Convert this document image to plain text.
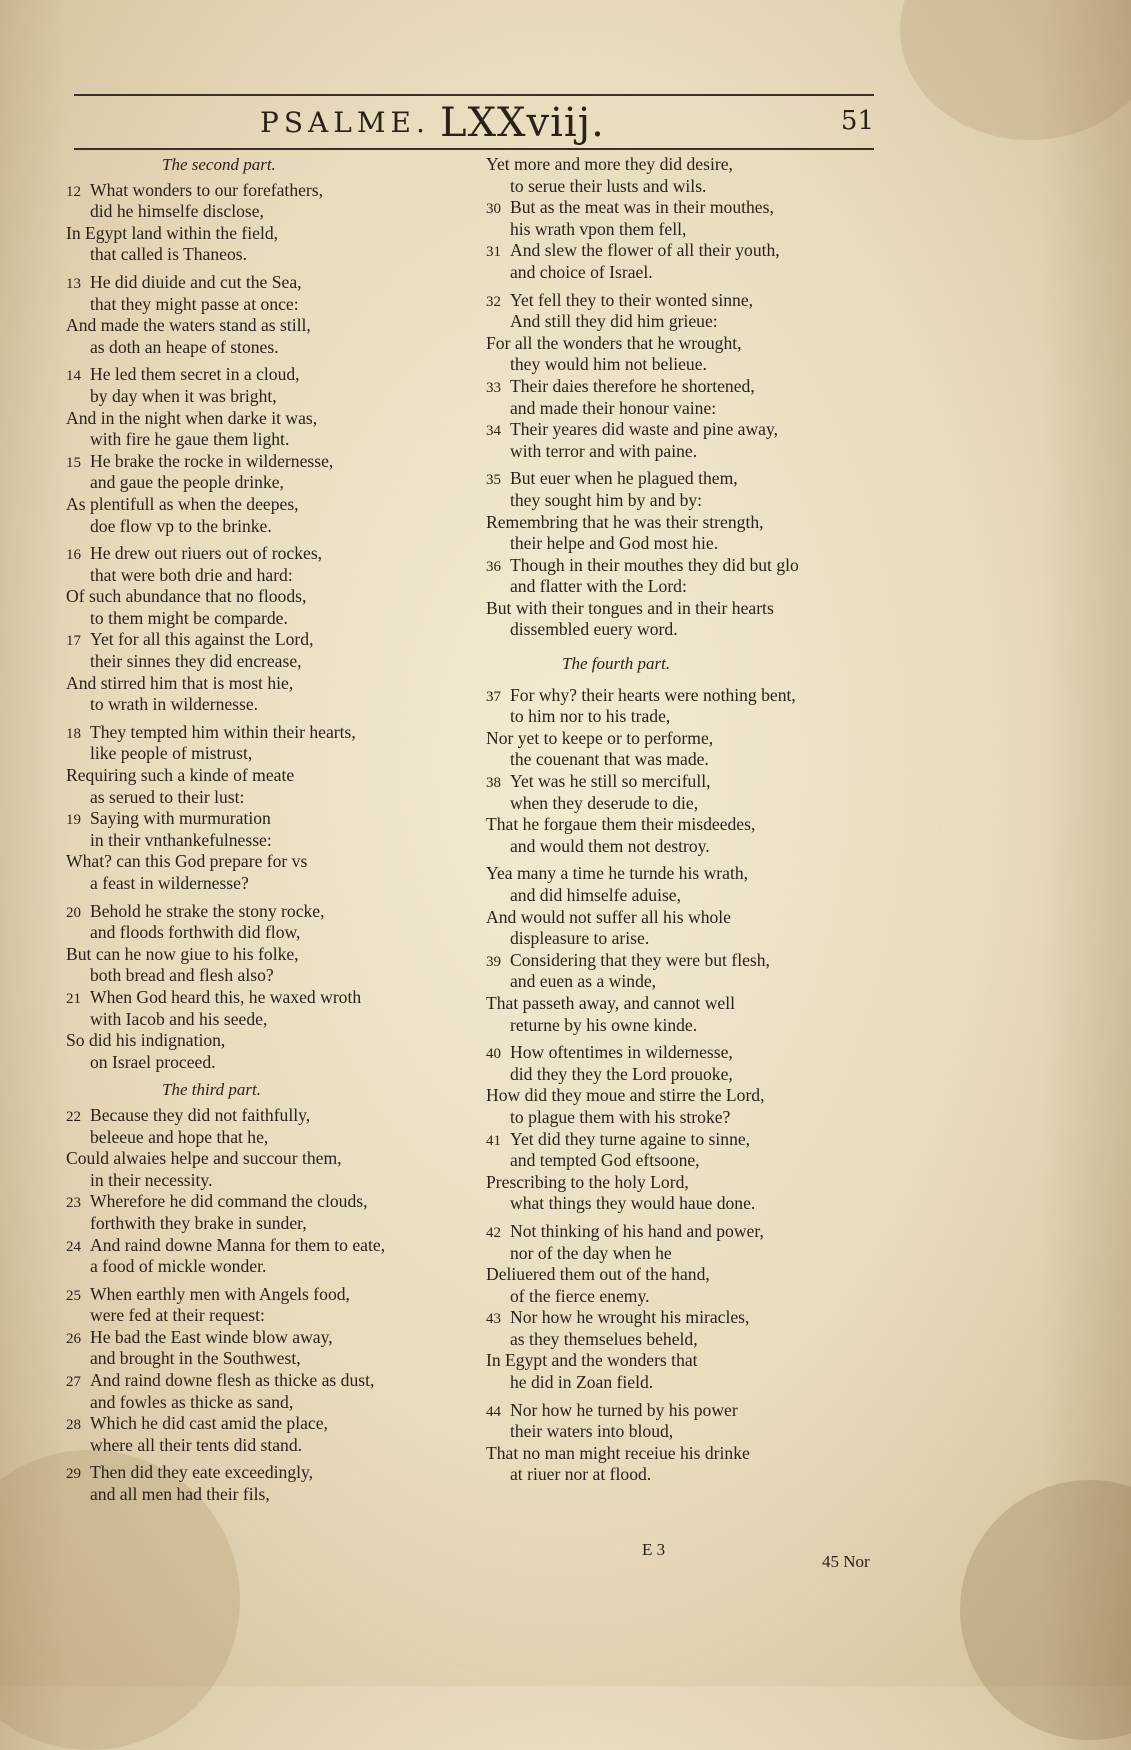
PSALME. LXXviij.	51
The second part.
12 What wonders to our forefathers,
did he himselfe disclose,
In Egypt land within the field,
that called is Thaneos.
13 He did diuide and cut the Sea,
that they might passe at once:
And made the waters stand as still,
as doth an heape of stones.
14 He led them secret in a cloud,
by day when it was bright,
And in the night when darke it was,
with fire he gaue them light.
15 He brake the rocke in wildernesse,
and gaue the people drinke,
As plentifull as when the deepes,
doe flow vp to the brinke.
16 He drew out riuers out of rockes,
that were both drie and hard:
Of such abundance that no floods,
to them might be comparde.
17 Yet for all this against the Lord,
their sinnes they did encrease,
And stirred him that is most hie,
to wrath in wildernesse.
18 They tempted him within their hearts,
like people of mistrust,
Requiring such a kinde of meate
as serued to their lust:
19 Saying with murmuration
in their vnthankefulnesse:
What? can this God prepare for vs
a feast in wildernesse?
20 Behold he strake the stony rocke,
and floods forthwith did flow,
But can he now giue to his folke,
both bread and flesh also?
21 When God heard this, he waxed wroth
with Iacob and his seede,
So did his indignation,
on Israel proceed.
The third part.
22 Because they did not faithfully,
beleeue and hope that he,
Could alwaies helpe and succour them,
in their necessity.
23 Wherefore he did command the clouds,
forthwith they brake in sunder,
24 And raind downe Manna for them to eate,
a food of mickle wonder.
25 When earthly men with Angels food,
were fed at their request:
26 He bad the East winde blow away,
and brought in the Southwest,
27 And raind downe flesh as thicke as dust,
and fowles as thicke as sand,
28 Which he did cast amid the place,
where all their tents did stand.
29 Then did they eate exceedingly,
and all men had their fils,
Yet more and more they did desire,
to serue their lusts and wils.
30 But as the meat was in their mouthes,
his wrath vpon them fell,
31 And slew the flower of all their youth,
and choice of Israel.
32 Yet fell they to their wonted sinne,
And still they did him grieue:
For all the wonders that he wrought,
they would him not belieue.
33 Their daies therefore he shortened,
and made their honour vaine:
34 Their yeares did waste and pine away,
with terror and with paine.
35 But euer when he plagued them,
they sought him by and by:
Remembring that he was their strength,
their helpe and God most hie.
36 Though in their mouthes they did but glo
and flatter with the Lord:
But with their tongues and in their hearts
dissembled euery word.
The fourth part.
37 For why? their hearts were nothing bent,
to him nor to his trade,
Nor yet to keepe or to performe,
the couenant that was made.
38 Yet was he still so mercifull,
when they deserude to die,
That he forgaue them their misdeedes,
and would them not destroy.
Yea many a time he turnde his wrath,
and did himselfe aduise,
And would not suffer all his whole
displeasure to arise.
39 Considering that they were but flesh,
and euen as a winde,
That passeth away, and cannot well
returne by his owne kinde.
40 How oftentimes in wildernesse,
did they they the Lord prouoke,
How did they moue and stirre the Lord,
to plague them with his stroke?
41 Yet did they turne againe to sinne,
and tempted God eftsoone,
Prescribing to the holy Lord,
what things they would haue done.
42 Not thinking of his hand and power,
nor of the day when he
Deliuered them out of the hand,
of the fierce enemy.
43 Nor how he wrought his miracles,
as they themselues beheld,
In Egypt and the wonders that
he did in Zoan field.
44 Nor how he turned by his power
their waters into bloud,
That no man might receiue his drinke
at riuer nor at flood.
E 3
45 Nor
